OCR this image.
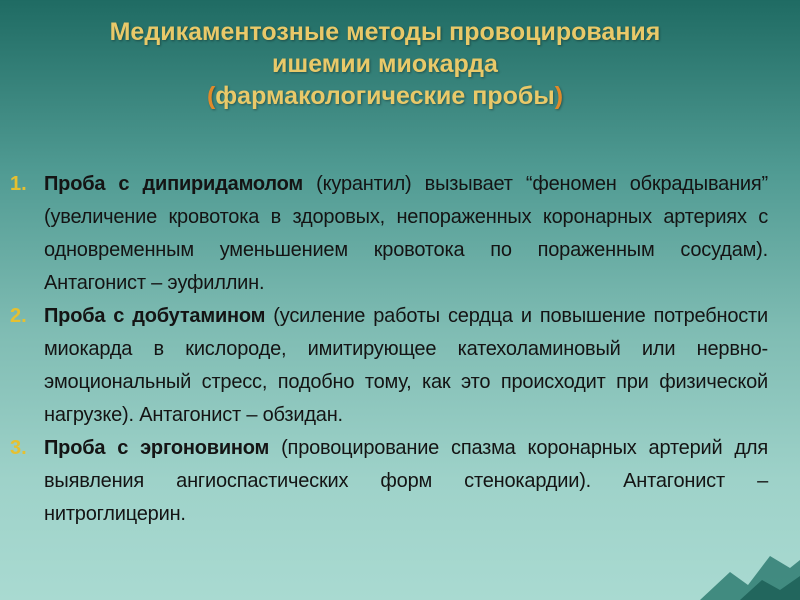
Медикаментозные методы провоцирования
ишемии миокарда
(фармакологические пробы)
1. Проба с дипиридамолом (курантил) вызывает “феномен обкрадывания” (увеличение кровотока в здоровых, непораженных коронарных артериях с одновременным уменьшением кровотока по пораженным сосудам). Антагонист – эуфиллин.
2. Проба с добутамином (усиление работы сердца и повышение потребности миокарда в кислороде, имитирующее катехоламиновый или нервно-эмоциональный стресс, подобно тому, как это происходит при физической нагрузке). Антагонист – обзидан.
3. Проба с эргоновином (провоцирование спазма коронарных артерий для выявления ангиоспастических форм стенокардии). Антагонист – нитроглицерин.
